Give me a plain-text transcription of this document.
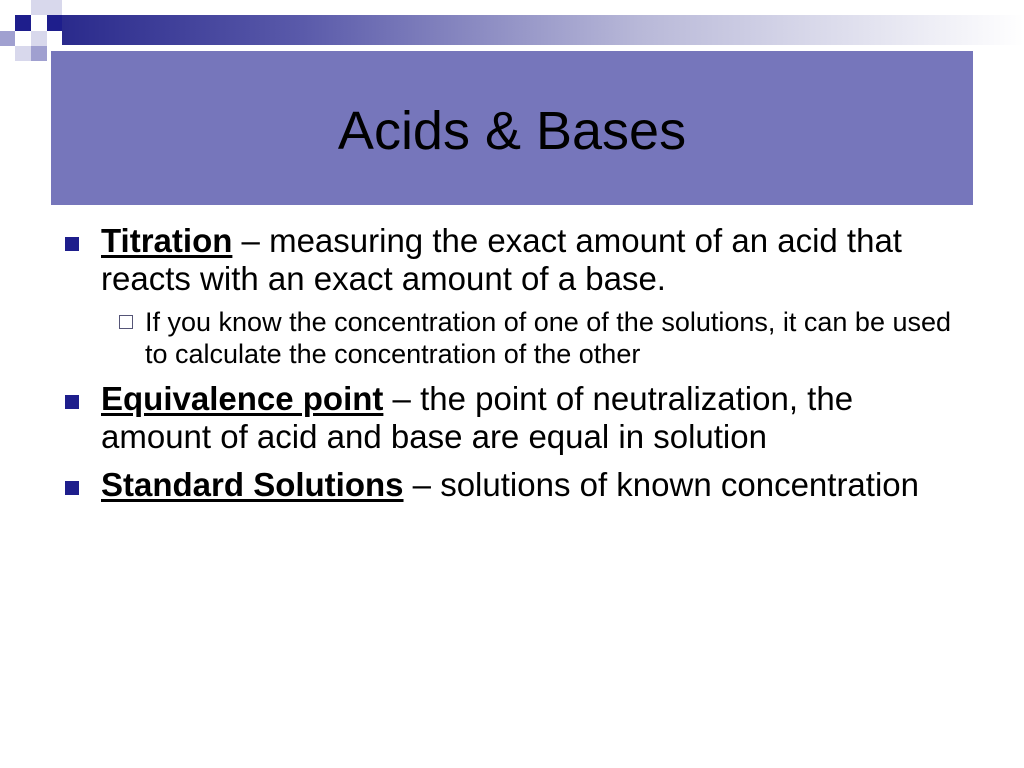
Acids & Bases
Titration – measuring the exact amount of an acid that reacts with an exact amount of a base.
If you know the concentration of one of the solutions, it can be used to calculate the concentration of the other
Equivalence point – the point of neutralization, the amount of acid and base are equal in solution
Standard Solutions – solutions of known concentration
